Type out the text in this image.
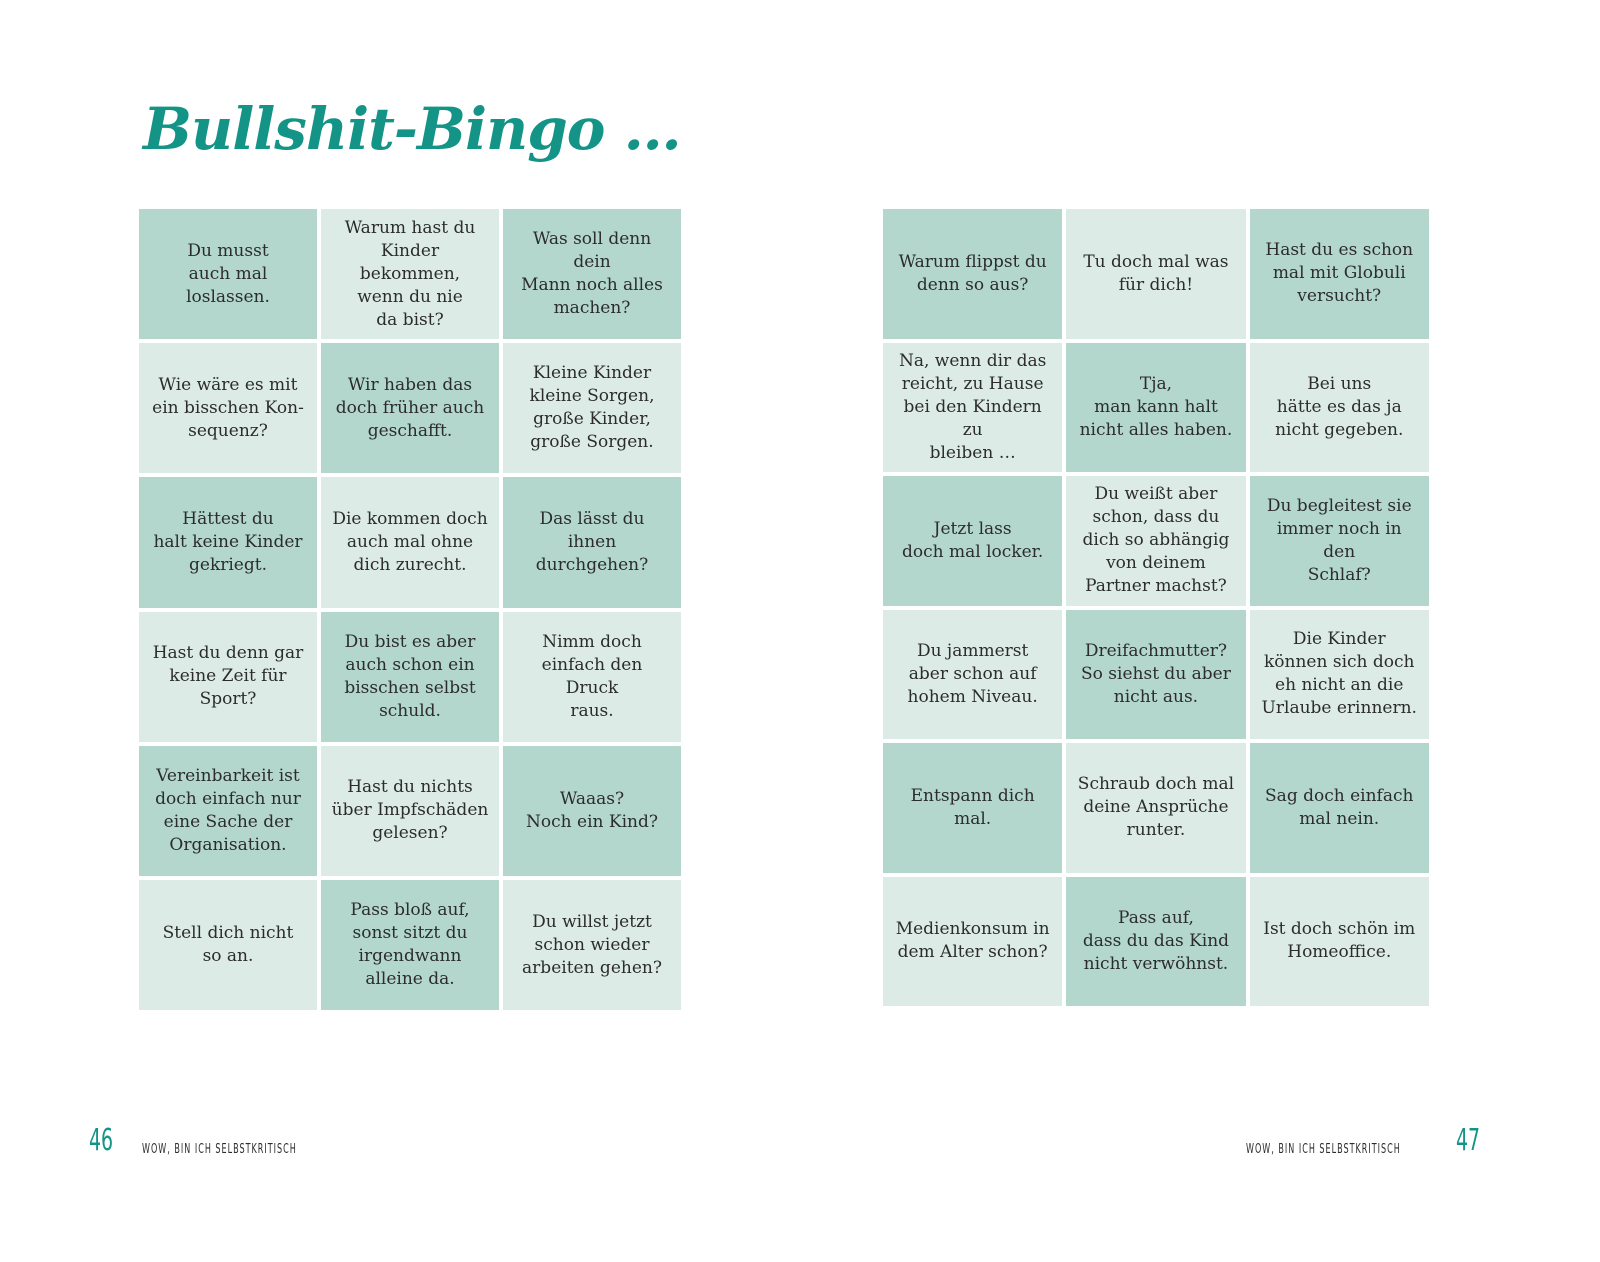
Bullshit-Bingo …
Du musst
auch mal
loslassen.
Warum hast du
Kinder bekommen,
wenn du nie
da bist?
Was soll denn dein
Mann noch alles
machen?
Wie wäre es mit
ein bisschen Kon-
sequenz?
Wir haben das
doch früher auch
geschafft.
Kleine Kinder
kleine Sorgen,
große Kinder,
große Sorgen.
Hättest du
halt keine Kinder
gekriegt.
Die kommen doch
auch mal ohne
dich zurecht.
Das lässt du ihnen
durchgehen?
Hast du denn gar
keine Zeit für
Sport?
Du bist es aber
auch schon ein
bisschen selbst
schuld.
Nimm doch
einfach den Druck
raus.
Vereinbarkeit ist
doch einfach nur
eine Sache der
Organisation.
Hast du nichts
über Impfschäden
gelesen?
Waaas?
Noch ein Kind?
Stell dich nicht
so an.
Pass bloß auf,
sonst sitzt du
irgendwann
alleine da.
Du willst jetzt
schon wieder
arbeiten gehen?
Warum flippst du
denn so aus?
Tu doch mal was
für dich!
Hast du es schon
mal mit Globuli
versucht?
Na, wenn dir das
reicht, zu Hause
bei den Kindern zu
bleiben …
Tja,
man kann halt
nicht alles haben.
Bei uns
hätte es das ja
nicht gegeben.
Jetzt lass
doch mal locker.
Du weißt aber
schon, dass du
dich so abhängig
von deinem
Partner machst?
Du begleitest sie
immer noch in den
Schlaf?
Du jammerst
aber schon auf
hohem Niveau.
Dreifachmutter?
So siehst du aber
nicht aus.
Die Kinder
können sich doch
eh nicht an die
Urlaube erinnern.
Entspann dich mal.
Schraub doch mal
deine Ansprüche
runter.
Sag doch einfach
mal nein.
Medienkonsum in
dem Alter schon?
Pass auf,
dass du das Kind
nicht verwöhnst.
Ist doch schön im
Homeoffice.
46 WOW, BIN ICH SELBSTKRITISCH	WOW, BIN ICH SELBSTKRITISCH 47
